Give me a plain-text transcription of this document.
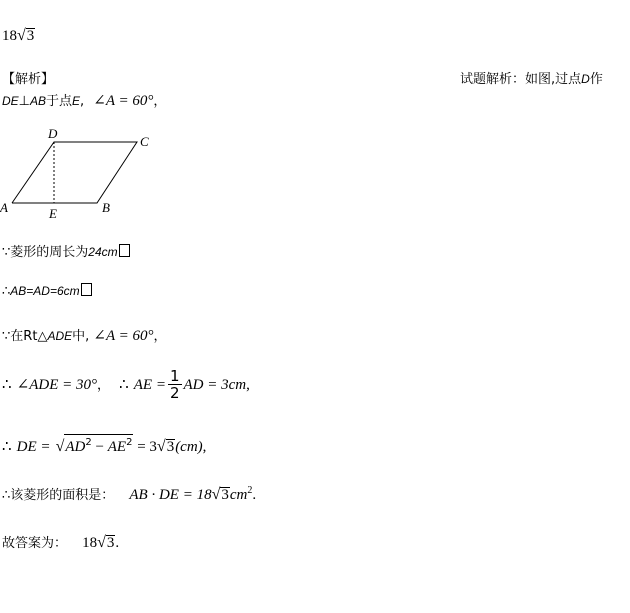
18√3
【解析】	试题解析：如图,过点D作
DE⊥AB于点E, ∠A = 60°，
D
C
A	E	B
∵菱形的周长为24cm
∴AB=AD=6cm
∵在Rt△ADE中, ∠A = 60°，
∴ ∠ADE = 30°， ∴ AE = $\frac{1}{2}$ AD = 3cm,
∴ DE = $√AD^2 - AE^2 = 3√3(cm)$,
∴该菱形的面积是： AB · DE = $18√3cm^2$.
故答案为： 18√3.
